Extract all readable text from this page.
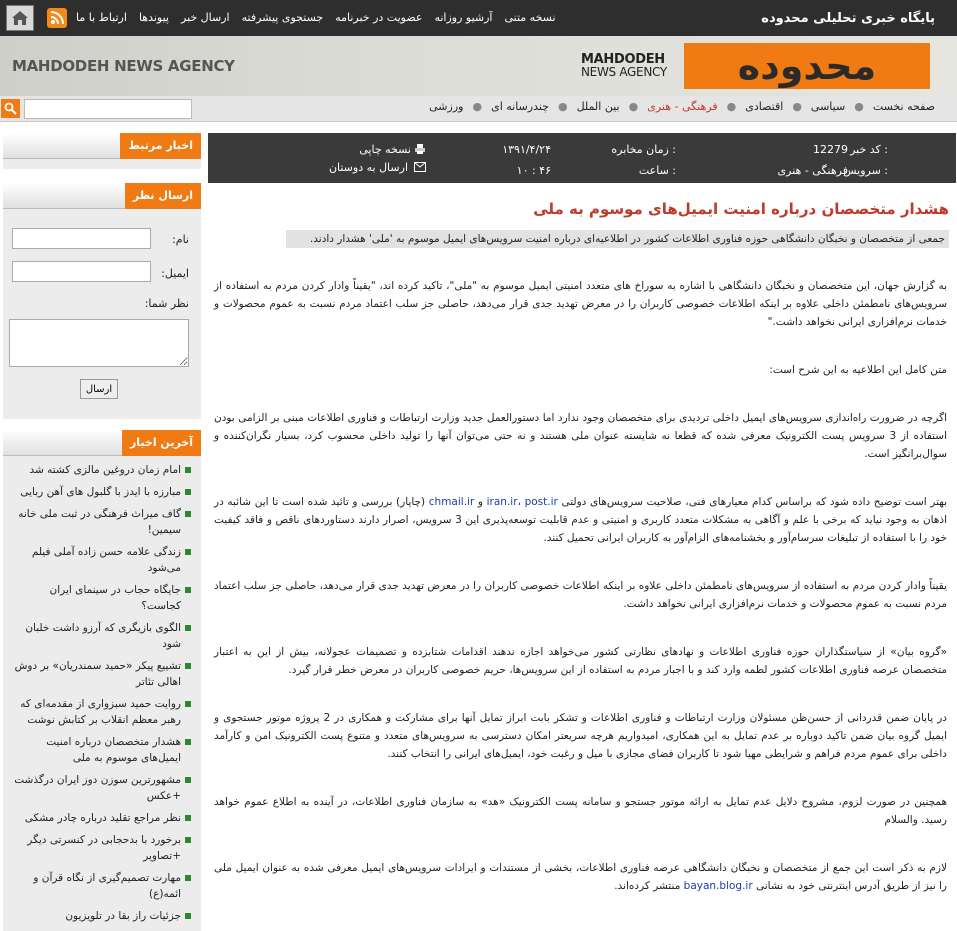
نسخه متنی
آرشیو روزانه
عضویت در خبرنامه
جستجوی پیشرفته
ارسال خبر
پیوندها
ارتباط با ما	پایگاه خبری تحلیلی محدوده
MAHDODEH NEWS AGENCY	MAHDODEH
NEWS AGENCY	محدوده
صفحه نخست
●
سیاسی
●
اقتصادی
●
فرهنگی - هنری
●
بین الملل
●
چندرسانه ای
●
ورزشی
اخبار مرتبط
ارسال نظر
نام:
ایمیل:
نظر شما:
ارسال
آخرین اخبار
امام زمان دروغین مالزی کشته شد
مبارزه با ایدز با گلبول های آهن ربایی
گاف میراث فرهنگی در ثبت ملی خانه سیمین!
زندگی علامه حسن زاده آملی فیلم می‌شود
جایگاه حجاب در سینمای ایران کجاست؟
الگوی بازیگری که آرزو داشت خلبان شود
تشییع پیکر «حمید سمندریان» بر دوش اهالی تئاتر
روایت حمید سبزواری از مقدمه‌ای که رهبر معظم انقلاب بر کتابش نوشت
هشدار متخصصان درباره امنیت ایمیل‌های موسوم به ملی
مشهورترین سوزن دوز ایران درگذشت +عکس
نظر مراجع تقلید درباره چادر مشکی
برخورد با بدحجابی در کنسرتی دیگر +تصاویر
مهارت تصمیم‌گیری از نگاه قرآن و ائمه(ع)
جزئیات راز بقا در تلویزیون
کد خبر :
12279
زمان مخابره :
۱۳۹۱/۴/۲۴
نسخه چاپی
سرویس :
فرهنگی - هنری
ساعت :
۱۰ : ۴۶
ارسال به دوستان
هشدار متخصصان درباره امنیت ایمیل‌های موسوم به ملی
جمعی از متخصصان و نخبگان دانشگاهی حوزه فناوری اطلاعات کشور در اطلاعیه‌ای درباره امنیت سرویس‌های ایمیل موسوم به 'ملی' هشدار دادند.

به گزارش جهان، این متخصصان و نخبگان دانشگاهی با اشاره به سوراخ های متعدد امنیتی ایمیل موسوم به "ملی"، تاکید کرده اند، "یقیناً وادار کردن مردم به استفاده از سرویس‌های نامطمئن داخلی علاوه بر اینکه اطلاعات خصوصی کاربران را در معرض تهدید جدی قرار می‌دهد، حاصلی جز سلب اعتماد مردم نسبت به عموم محصولات و خدمات نرم‌افزاری ایرانی نخواهد داشت."

متن کامل این اطلاعیه به این شرح است:

اگرچه در ضرورت راه‌اندازی سرویس‌های ایمیل داخلی تردیدی برای متخصصان وجود ندارد اما دستورالعمل جدید وزارت ارتباطات و فناوری اطلاعات مبنی بر الزامی بودن استفاده از 3 سرویس پست الکترونیک معرفی شده که قطعا نه شایسته عنوان ملی هستند و نه حتی می‌توان آنها را تولید داخلی محسوب کرد، بسیار نگران‌کننده و سوال‌برانگیز است.

بهتر است توضیح داده شود که براساس کدام معیارهای فنی، صلاحیت سرویس‌های دولتی iran.ir، post.ir و chmail.ir (چاپار) بررسی و تائید شده است تا این شائبه در اذهان به وجود نیاید که برخی با علم و آگاهی به مشکلات متعدد کاربری و امنیتی و عدم قابلیت توسعه‌پذیری این 3 سرویس، اصرار دارند دستاوردهای ناقص و فاقد کیفیت خود را با استفاده از تبلیغات سرسام‌آور و بخشنامه‌های الزام‌آور به کاربران ایرانی تحمیل کنند.

یقیناً وادار کردن مردم به استفاده از سرویس‌های نامطمئن داخلی علاوه بر اینکه اطلاعات خصوصی کاربران را در معرض تهدید جدی قرار می‌دهد، حاصلی جز سلب اعتماد مردم نسبت به عموم محصولات و خدمات نرم‌افزاری ایرانی نخواهد داشت.

«گروه بیان» از سیاستگذاران حوزه فناوری اطلاعات و نهادهای نظارتی کشور می‌خواهد اجازه ندهند اقدامات شتابزده و تصمیمات عجولانه، بیش از این به اعتبار متخصصان عرصه فناوری اطلاعات کشور لطمه وارد کند و با اجبار مردم به استفاده از این سرویس‌ها، حریم خصوصی کاربران در معرض خطر قرار گیرد.

در پایان ضمن قدردانی از حسن‌ظن مسئولان وزارت ارتباطات و فناوری اطلاعات و تشکر بابت ابراز تمایل آنها برای مشارکت و همکاری در 2 پروژه موتور جستجوی و ایمیل گروه بیان ضمن تاکید دوباره بر عدم تمایل به این همکاری، امیدواریم هرچه سریعتر امکان دسترسی به سرویس‌های متعدد و متنوع پست الکترونیک امن و کارآمد داخلی برای عموم مردم فراهم و شرایطی مهیا شود تا کاربران فضای مجازی با میل و رغبت خود، ایمیل‌های ایرانی را انتخاب کنند.

همچنین در صورت لزوم، مشروح دلایل عدم تمایل به ارائه موتور جستجو و سامانه پست الکترونیک «هد» به سازمان فناوری اطلاعات، در آینده به اطلاع عموم خواهد رسید. والسلام

لازم به ذکر است این جمع از متخصصان و نخبگان دانشگاهی عرصه فناوری اطلاعات، بخشی از مستندات و ایرادات سرویس‌های ایمیل معرفی شده به عنوان ایمیل ملی را نیز از طریق آدرس اینترنتی خود به نشانی bayan.blog.ir منتشر کرده‌اند.
